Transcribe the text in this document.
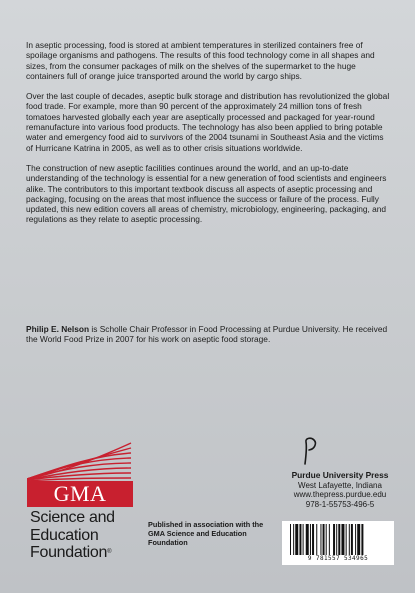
In aseptic processing, food is stored at ambient temperatures in sterilized containers free of spoilage organisms and pathogens. The results of this food technology come in all shapes and sizes, from the consumer packages of milk on the shelves of the supermarket to the huge containers full of orange juice transported around the world by cargo ships.

Over the last couple of decades, aseptic bulk storage and distribution has revolutionized the global food trade. For example, more than 90 percent of the approximately 24 million tons of fresh tomatoes harvested globally each year are aseptically processed and packaged for year-round remanufacture into various food products. The technology has also been applied to bring potable water and emergency food aid to survivors of the 2004 tsunami in Southeast Asia and the victims of Hurricane Katrina in 2005, as well as to other crisis situations worldwide.

The construction of new aseptic facilities continues around the world, and an up-to-date understanding of the technology is essential for a new generation of food scientists and engineers alike. The contributors to this important textbook discuss all aspects of aseptic processing and packaging, focusing on the areas that most influence the success or failure of the process. Fully updated, this new edition covers all areas of chemistry, microbiology, engineering, packaging, and regulations as they relate to aseptic processing.

Philip E. Nelson is Scholle Chair Professor in Food Processing at Purdue University. He received the World Food Prize in 2007 for his work on aseptic food storage.

GMA
Science and
Education
Foundation®
Published in association with the GMA Science and Education Foundation
Purdue University Press
West Lafayette, Indiana
www.thepress.purdue.edu
978-1-55753-496-5
9 781557 534965
